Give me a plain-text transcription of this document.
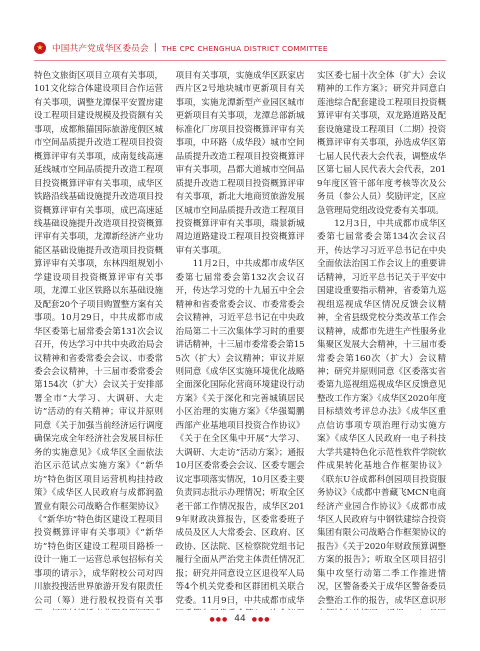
★ 中国共产党成华区委员会 | THE CPC CHENGHUA DISTRICT COMMITTEE

特色文旅街区项目立项有关事项，101文化综合体建设项目合作运营有关事项，调整龙潭保平安置房建设工程项目建设规模及投资额有关事项，成都熊猫国际旅游度假区城市空间品质提升改造工程项目投资概算评审有关事项，成南复线高速延线城市空间品质提升改造工程项目投资概算评审有关事项，成华区铁路沿线基础设施提升改造项目投资概算评审有关事项，成巴高速延线基础设施提升改造项目投资概算评审有关事项，龙潭新经济产业功能区基础设施提升改造项目投资概算评审有关事项，东林四组规划小学建设项目投资概算评审有关事项，龙潭工业区铁路以东基础设施及配套20个子项目购置整方案有关事项。10月29日，中共成都市成华区委第七届常委会第131次会议召开，传达学习中共中央政治局会议精神和省委常委会会议、市委常委会会议精神，十三届市委常委会第154次（扩大）会议关于安排部署全市“大学习、大调研、大走访”活动的有关精神；审议并原则同意《关于加强当前经济运行调度确保完成全年经济社会发展目标任务的实施意见》《成华区全面依法治区示范试点实施方案》《“新华坊”特色街区项目运营机构挂持政策》《成华区人民政府与成都润盈置业有限公司战略合作框架协议》《“新华坊”特色街区建设工程项目投资概算评审有关事项》《“新华坊”特色街区建设工程项目路桥一设计一施工一运营总承包招标有关事项的请示》，成华附校公司对四川旅投搜活世界旅游开发有限责任公司（筹）进行股权投资有关事

项目有关事项，实施成华区跃家店西片区2号地块城市更新项目有关事项，实施龙潭新型产业园区城市更新项目有关事项，龙潭总部新城标准化厂房项目投资概算评审有关事项，中环路（成华段）城市空间品质提升改造工程项目投资概算评审有关事项，昌都大道城市空间品质提升改造工程项目投资概算评审有关事项，新北大地商贸旅游发展区城市空间品质提升改造工程项目投资概算评审有关事项，瑞景新城周边道路建设工程项目投资概算评审有关事项。

11月2日，中共成都市成华区委第七届常委会第132次会议召开，传达学习党的十九届五中全会精神和省委常委会议、市委常委会会议精神，习近平总书记在中央政治局第二十三次集体学习时的重要讲话精神，十三届市委常委会第155次（扩大）会议精神；审议并原则同意《成华区实施环境优化战略全面深化国际化营商环境建设行动方案》《关于深化和完善城镇居民小区治理的实施方案》《华强蜀鹏西部产业基地项目投资合作协议》《关于在全区集中开展“大学习、大调研、大走访”活动方案》；通报10月区委常委会会议、区委专题会议定事项落实情况，10月区委主要负责同志批示办理情况；听取全区老干部工作情况报告，成华区2019年财政决算报告，区委常委班子成员及区人大常委会、区政府、区政协、区法院、区检察院党组书记履行全面从严治党主体责任情况汇报；研究并同意设立区退役军人局等4个机关党委和区群团机关联合党委。11月9日，中共成都市成华

实区委七届十次全体（扩大）会议精神的工作方案》；研究并同意白莲池综合配套建设工程项目投资概算评审有关事项，双龙路道路及配套设施建设工程项目（二期）投资概算评审有关事项，孙选成华区第七届人民代表大会代表，调整成华区第七届人民代表大会代表，2019年度区管干部年度考核等次及公务员（参公人员）奖励评定，区应急管理局党组改设党委有关事项。

12月3日，中共成都市成华区委第七届常委会第134次会议召开，传达学习习近平总书记在中央全面依法治国工作会议上的重要讲话精神，习近平总书记关于平安中国建设重要指示精神，省委第九巡视组巡视成华区情况反馈会议精神，全省县级党校分类改革工作会议精神，成都市先进生产性服务业集聚区发展大会精神，十三届市委常委会第160次（扩大）会议精神；研究并原则同意《区委落实省委第九巡视组巡视成华区反馈意见整改工作方案》《成华区2020年度目标绩效考评总办法》《成华区重点信访事项专项治理行动实施方案》《成华区人民政府一电子科技大学共建特色化示范性软件学院软件成果转化基地合作框架协议》《联东U谷成都科创园项目投资服务协议》《成都中普藏飞MCN电商经济产业园合作协议》《成都市成华区人民政府与中钢铁建综合投资集团有限公司战略合作框架协议的报告》《关于2020年财政预算调整方案的报告》；听取全区项目招引集中攻坚行动第二季工作推进情况，区警备委关于成华区警备委员会整治工作的报告，成华区意识形

●●● 44 ●●●
